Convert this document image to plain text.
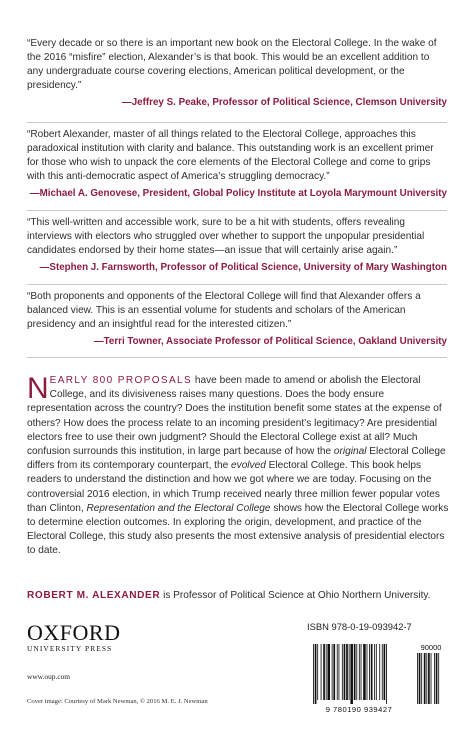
“Every decade or so there is an important new book on the Electoral College. In the wake of the 2016 “misfire” election, Alexander’s is that book. This would be an excellent addition to any undergraduate course covering elections, American political development, or the presidency.”
—Jeffrey S. Peake, Professor of Political Science, Clemson University
“Robert Alexander, master of all things related to the Electoral College, approaches this paradoxical institution with clarity and balance. This outstanding work is an excellent primer for those who wish to unpack the core elements of the Electoral College and come to grips with this anti-democratic aspect of America’s struggling democracy.”
—Michael A. Genovese, President, Global Policy Institute at Loyola Marymount University
“This well-written and accessible work, sure to be a hit with students, offers revealing interviews with electors who struggled over whether to support the unpopular presidential candidates endorsed by their home states—an issue that will certainly arise again.”
—Stephen J. Farnsworth, Professor of Political Science, University of Mary Washington
“Both proponents and opponents of the Electoral College will find that Alexander offers a balanced view. This is an essential volume for students and scholars of the American presidency and an insightful read for the interested citizen.”
—Terri Towner, Associate Professor of Political Science, Oakland University
NEARLY 800 PROPOSALS have been made to amend or abolish the Electoral College, and its divisiveness raises many questions. Does the body ensure representation across the country? Does the institution benefit some states at the expense of others? How does the process relate to an incoming president’s legitimacy? Are presidential electors free to use their own judgment? Should the Electoral College exist at all? Much confusion surrounds this institution, in large part because of how the original Electoral College differs from its contemporary counterpart, the evolved Electoral College. This book helps readers to understand the distinction and how we got where we are today. Focusing on the controversial 2016 election, in which Trump received nearly three million fewer popular votes than Clinton, Representation and the Electoral College shows how the Electoral College works to determine election outcomes. In exploring the origin, development, and practice of the Electoral College, this study also presents the most extensive analysis of presidential electors to date.
ROBERT M. ALEXANDER is Professor of Political Science at Ohio Northern University.
OXFORD
UNIVERSITY PRESS
www.oup.com
Cover image: Courtesy of Mark Newman, © 2016 M. E. J. Newman
ISBN 978-0-19-093942-7
90000
9 780190 939427
